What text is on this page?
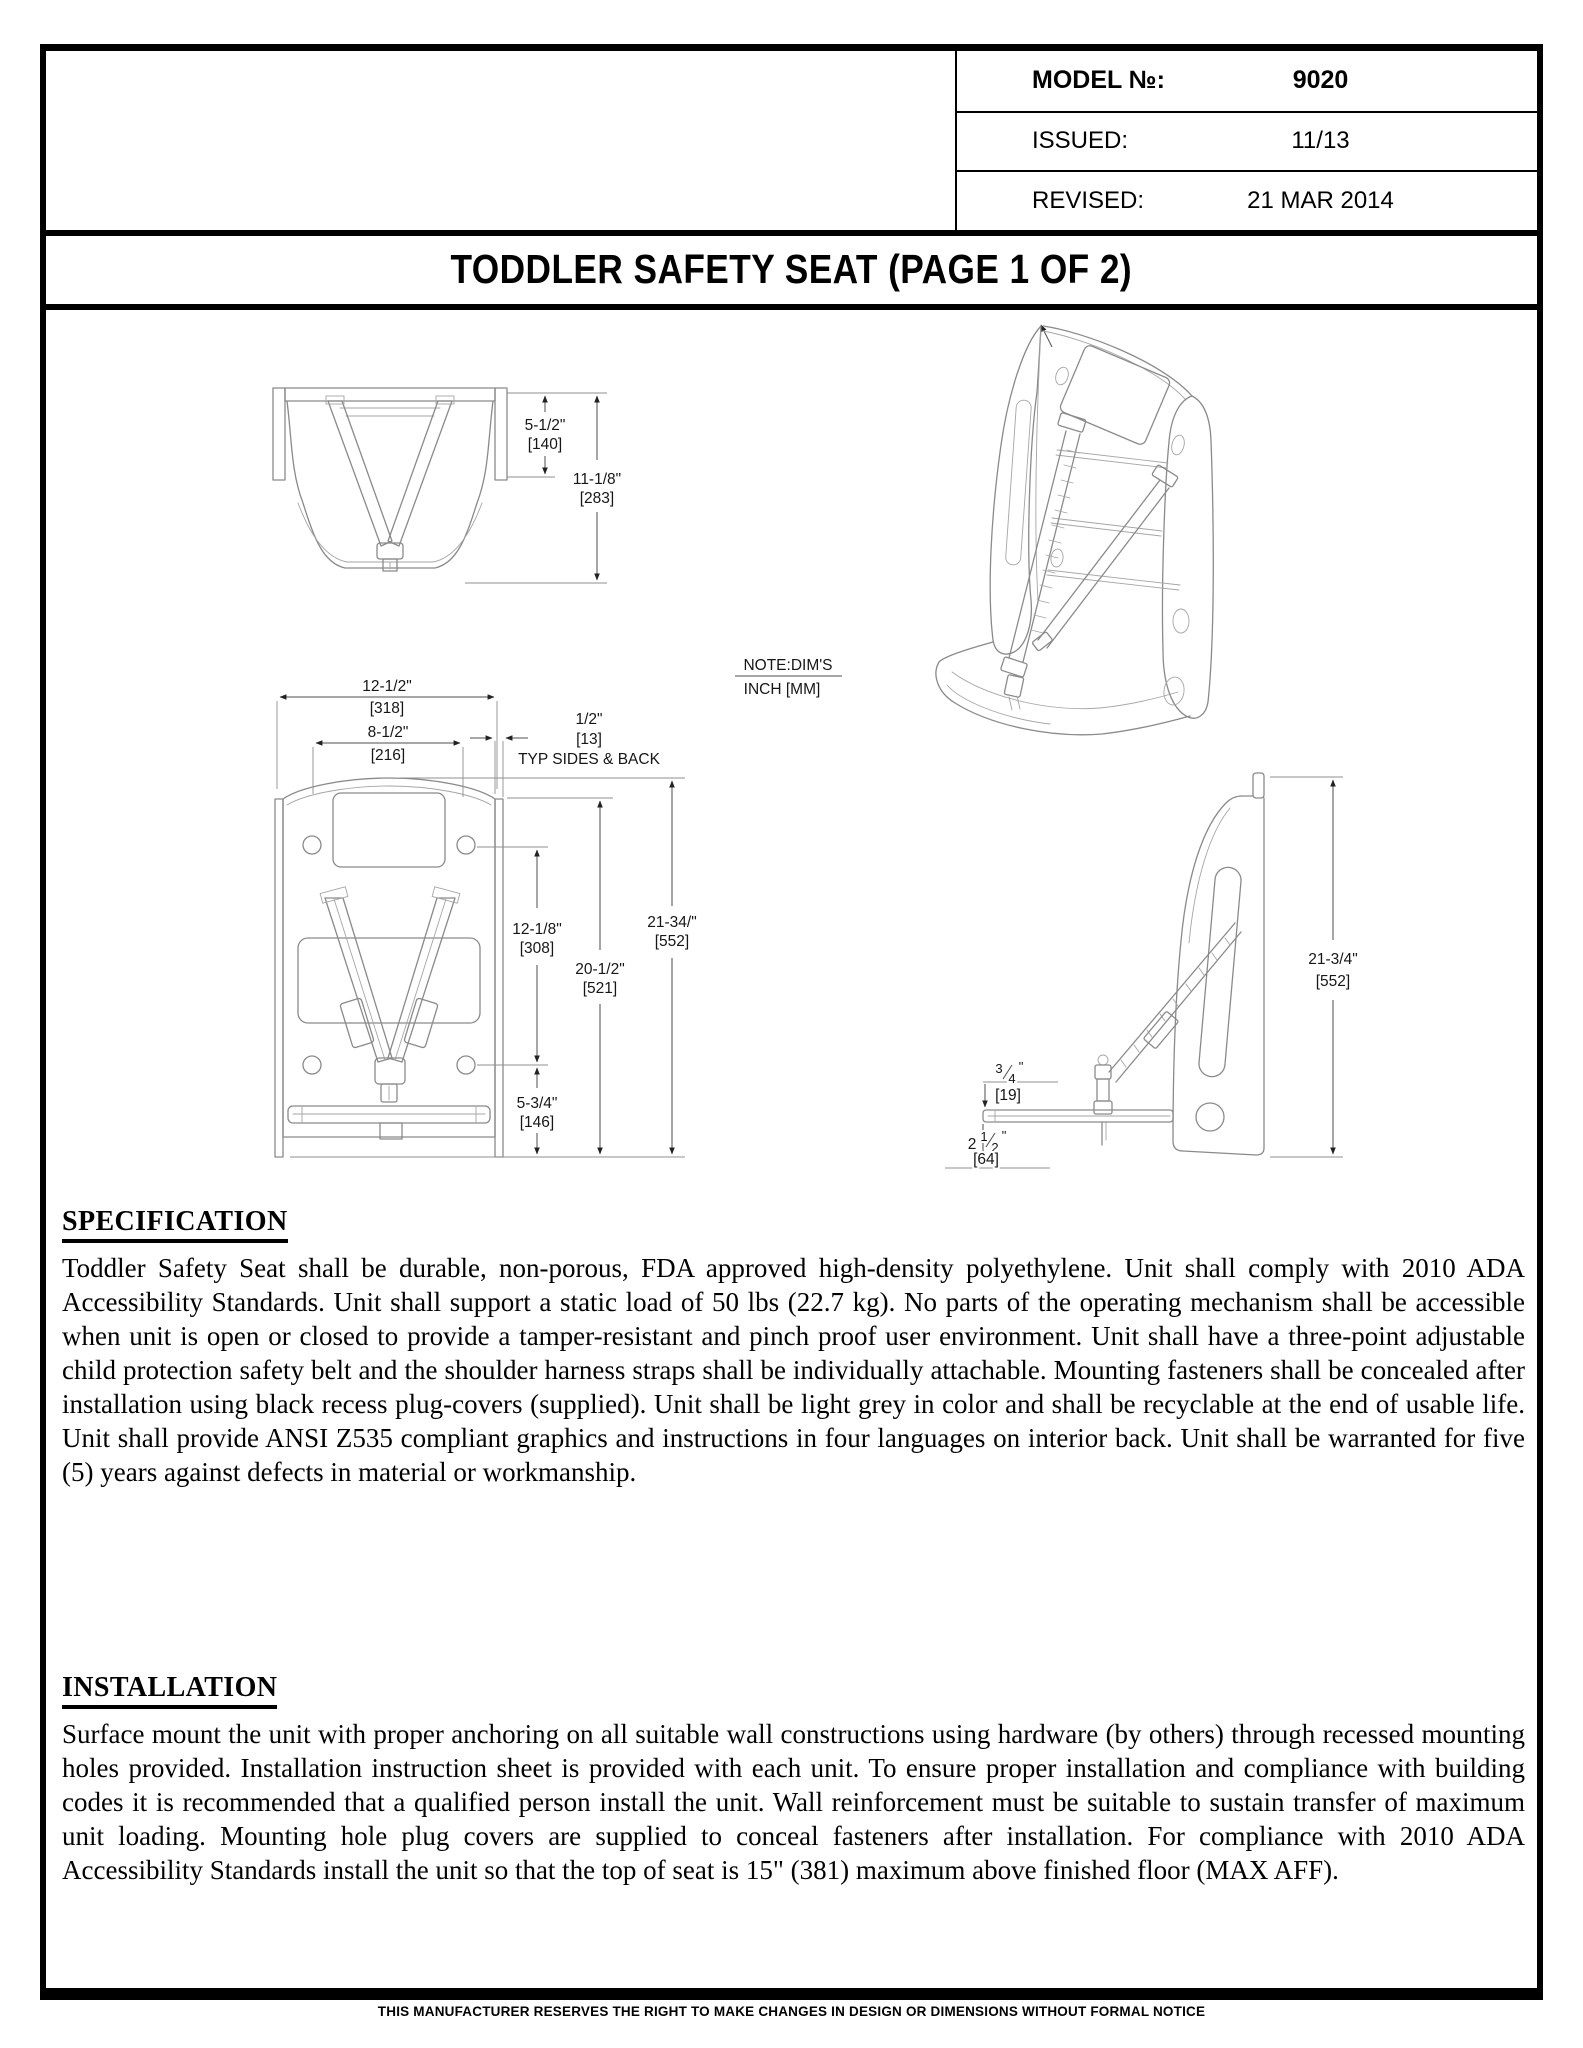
MODEL №:	9020
ISSUED:	11/13
REVISED:	21 MAR 2014
TODDLER SAFETY SEAT (PAGE 1 OF 2)
5-1/2"
[140]
11-1/8"
[283]
NOTE:DIM'S
INCH [MM]
12-1/2"
[318]
8-1/2"
[216]
1/2"
[13]
TYP SIDES & BACK
12-1/8"
[308]
5-3/4"
[146]
20-1/2"
[521]
21-34/"
[552]
21-3/4"
[552]
3
4
"
[19]
2 1
2
"
[64]
SPECIFICATION

Toddler Safety Seat shall be durable, non-porous, FDA approved high-density polyethylene. Unit shall comply with 2010 ADA Accessibility Standards. Unit shall support a static load of 50 lbs (22.7 kg). No parts of the operating mechanism shall be accessible when unit is open or closed to provide a tamper-resistant and pinch proof user environment. Unit shall have a three-point adjustable child protection safety belt and the shoulder harness straps shall be individually attachable. Mounting fasteners shall be concealed after installation using black recess plug-covers (supplied). Unit shall be light grey in color and shall be recyclable at the end of usable life. Unit shall provide ANSI Z535 compliant graphics and instructions in four languages on interior back. Unit shall be warranted for five (5) years against defects in material or workmanship.

INSTALLATION

Surface mount the unit with proper anchoring on all suitable wall constructions using hardware (by others) through recessed mounting holes provided. Installation instruction sheet is provided with each unit. To ensure proper installation and compliance with building codes it is recommended that a qualified person install the unit. Wall reinforcement must be suitable to sustain transfer of maximum unit loading. Mounting hole plug covers are supplied to conceal fasteners after installation. For compliance with 2010 ADA Accessibility Standards install the unit so that the top of seat is 15" (381) maximum above finished floor (MAX AFF).

THIS MANUFACTURER RESERVES THE RIGHT TO MAKE CHANGES IN DESIGN OR DIMENSIONS WITHOUT FORMAL NOTICE
